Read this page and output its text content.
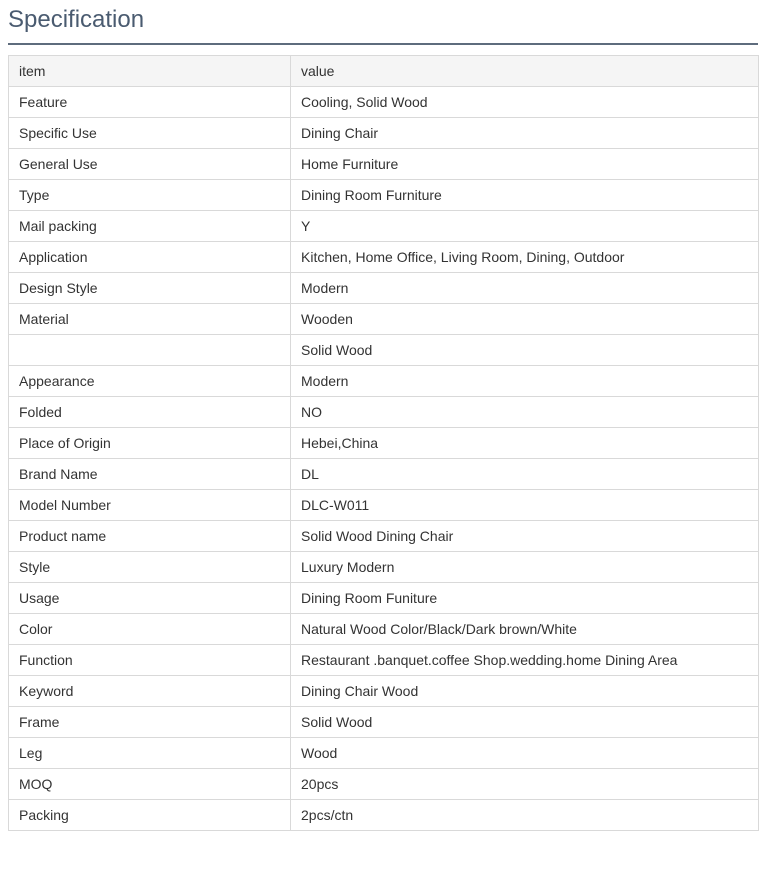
Specification
item	value
Feature	Cooling, Solid Wood
Specific Use	Dining Chair
General Use	Home Furniture
Type	Dining Room Furniture
Mail packing	Y
Application	Kitchen, Home Office, Living Room, Dining, Outdoor
Design Style	Modern
Material	Wooden
	Solid Wood
Appearance	Modern
Folded	NO
Place of Origin	Hebei,China
Brand Name	DL
Model Number	DLC-W011
Product name	Solid Wood Dining Chair
Style	Luxury Modern
Usage	Dining Room Funiture
Color	Natural Wood Color/Black/Dark brown/White
Function	Restaurant .banquet.coffee Shop.wedding.home Dining Area
Keyword	Dining Chair Wood
Frame	Solid Wood
Leg	Wood
MOQ	20pcs
Packing	2pcs/ctn
